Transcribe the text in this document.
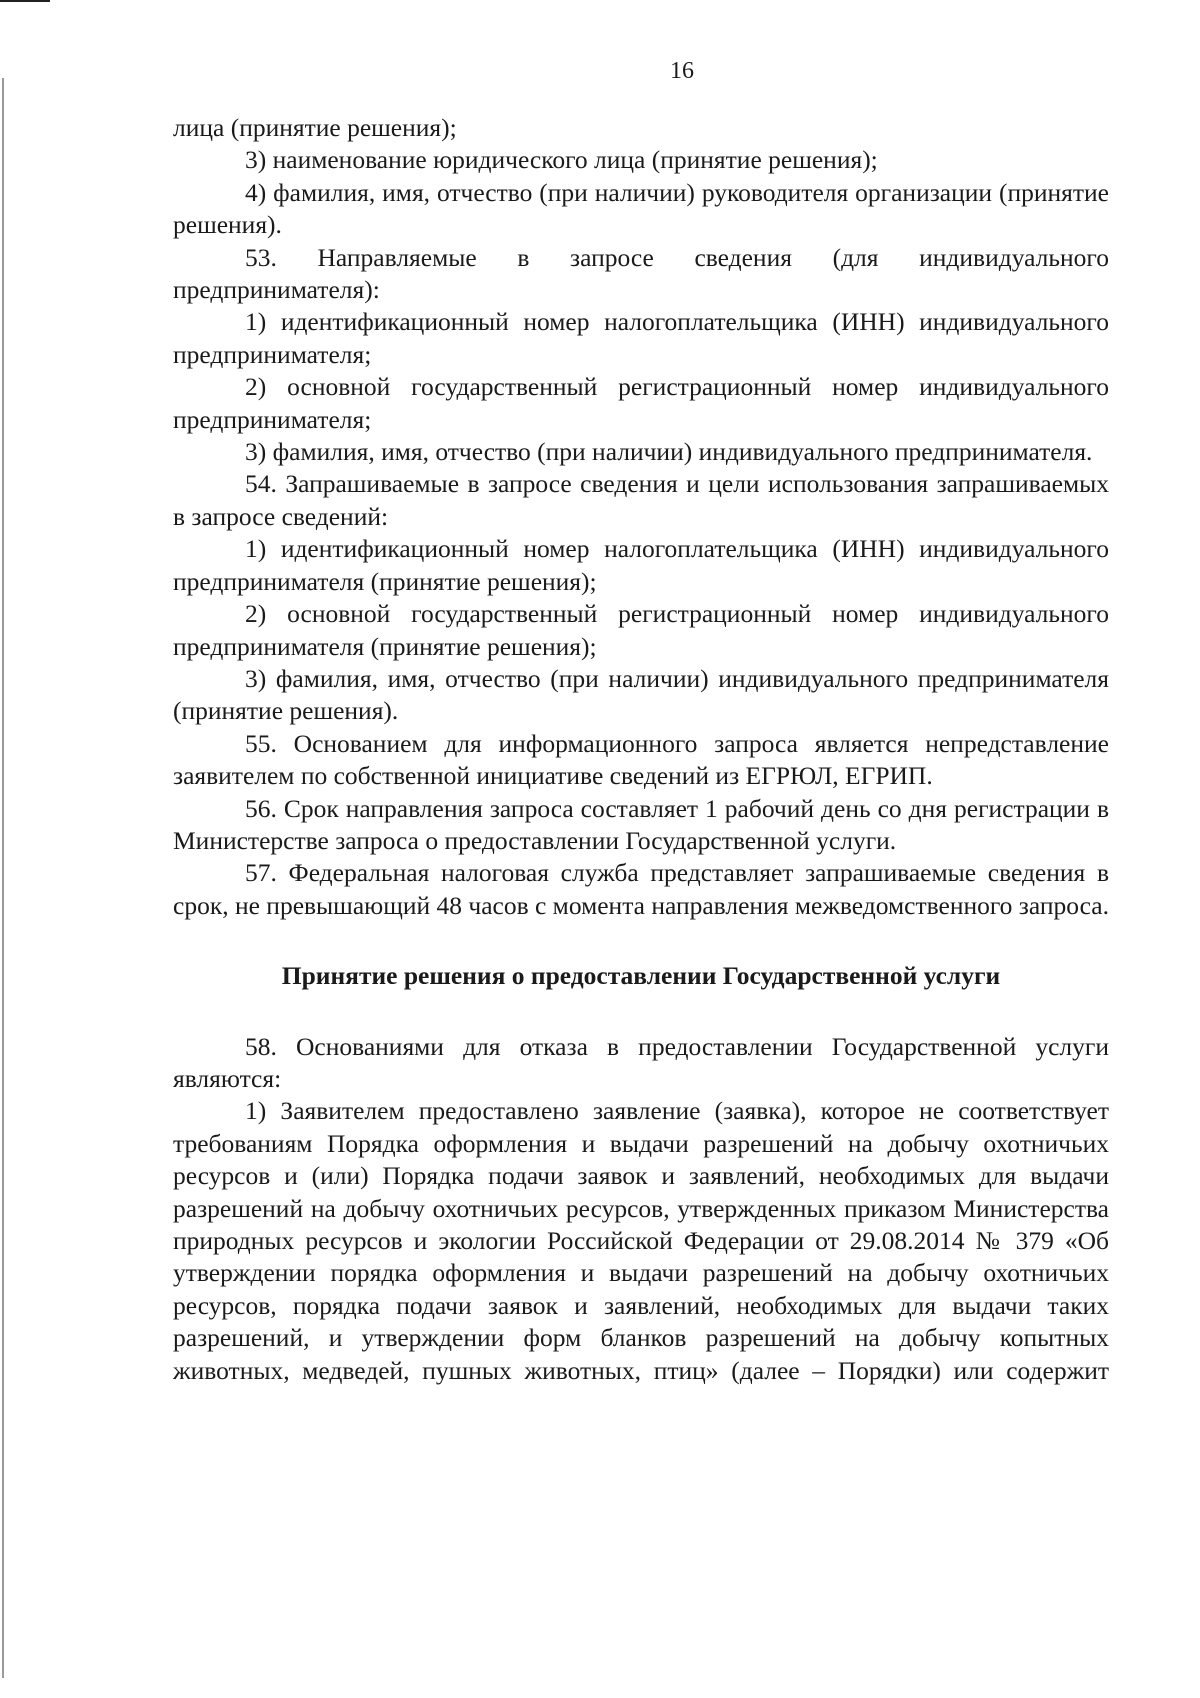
16

лица (принятие решения);

3) наименование юридического лица (принятие решения);

4) фамилия, имя, отчество (при наличии) руководителя организации (принятие решения).

53. Направляемые в запросе сведения (для индивидуального предпринимателя):

1) идентификационный номер налогоплательщика (ИНН) индивидуального предпринимателя;

2) основной государственный регистрационный номер индивидуального предпринимателя;

3) фамилия, имя, отчество (при наличии) индивидуального предпринимателя.

54. Запрашиваемые в запросе сведения и цели использования запрашиваемых в запросе сведений:

1) идентификационный номер налогоплательщика (ИНН) индивидуального предпринимателя (принятие решения);

2) основной государственный регистрационный номер индивидуального предпринимателя (принятие решения);

3) фамилия, имя, отчество (при наличии) индивидуального предпринимателя (принятие решения).

55. Основанием для информационного запроса является непредставление заявителем по собственной инициативе сведений из ЕГРЮЛ, ЕГРИП.

56. Срок направления запроса составляет 1 рабочий день со дня регистрации в Министерстве запроса о предоставлении Государственной услуги.

57. Федеральная налоговая служба представляет запрашиваемые сведения в срок, не превышающий 48 часов с момента направления межведомственного запроса.

Принятие решения о предоставлении Государственной услуги

58. Основаниями для отказа в предоставлении Государственной услуги являются:

1) Заявителем предоставлено заявление (заявка), которое не соответствует требованиям Порядка оформления и выдачи разрешений на добычу охотничьих ресурсов и (или) Порядка подачи заявок и заявлений, необходимых для выдачи разрешений на добычу охотничьих ресурсов, утвержденных приказом Министерства природных ресурсов и экологии Российской Федерации от 29.08.2014 № 379 «Об утверждении порядка оформления и выдачи разрешений на добычу охотничьих ресурсов, порядка подачи заявок и заявлений, необходимых для выдачи таких разрешений, и утверждении форм бланков разрешений на добычу копытных животных, медведей, пушных животных, птиц» (далее – Порядки) или содержит
